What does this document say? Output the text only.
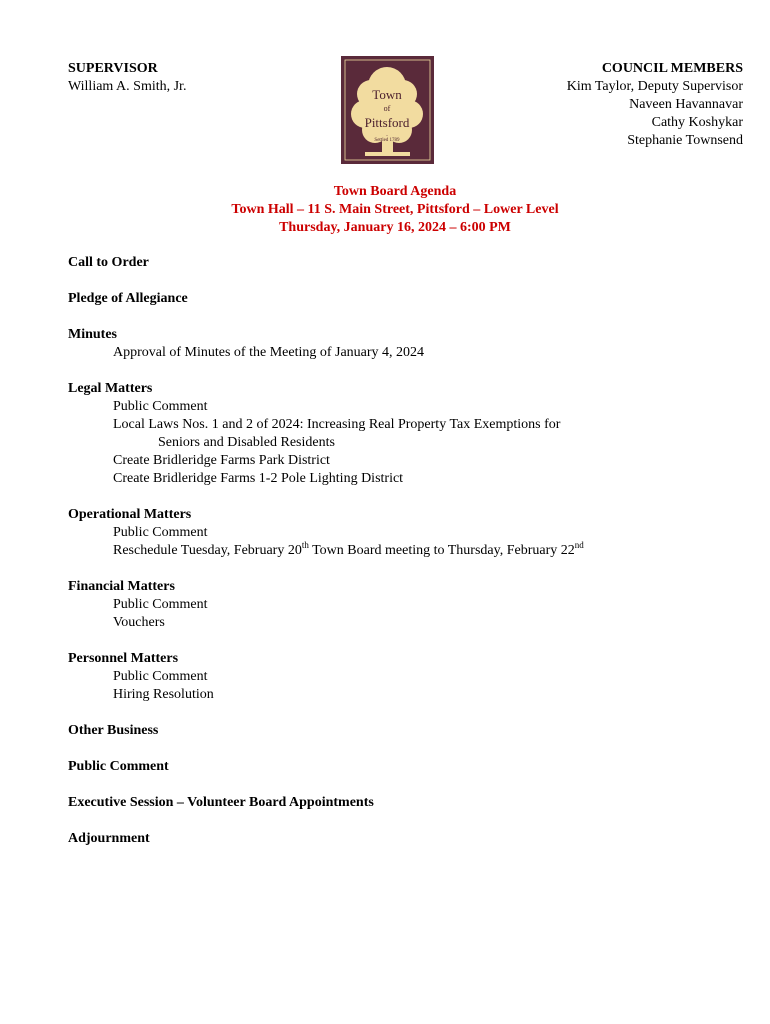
SUPERVISOR
William A. Smith, Jr.
Town
of
Pittsford
Settled 1789
COUNCIL MEMBERS
Kim Taylor, Deputy Supervisor
Naveen Havannavar
Cathy Koshykar
Stephanie Townsend
Town Board Agenda
Town Hall – 11 S. Main Street, Pittsford – Lower Level
Thursday, January 16, 2024 – 6:00 PM
Call to Order
Pledge of Allegiance
Minutes
Approval of Minutes of the Meeting of January 4, 2024
Legal Matters
Public Comment
Local Laws Nos. 1 and 2 of 2024: Increasing Real Property Tax Exemptions for
Seniors and Disabled Residents
Create Bridleridge Farms Park District
Create Bridleridge Farms 1-2 Pole Lighting District
Operational Matters
Public Comment
Reschedule Tuesday, February 20th Town Board meeting to Thursday, February 22nd
Financial Matters
Public Comment
Vouchers
Personnel Matters
Public Comment
Hiring Resolution
Other Business
Public Comment
Executive Session – Volunteer Board Appointments
Adjournment
